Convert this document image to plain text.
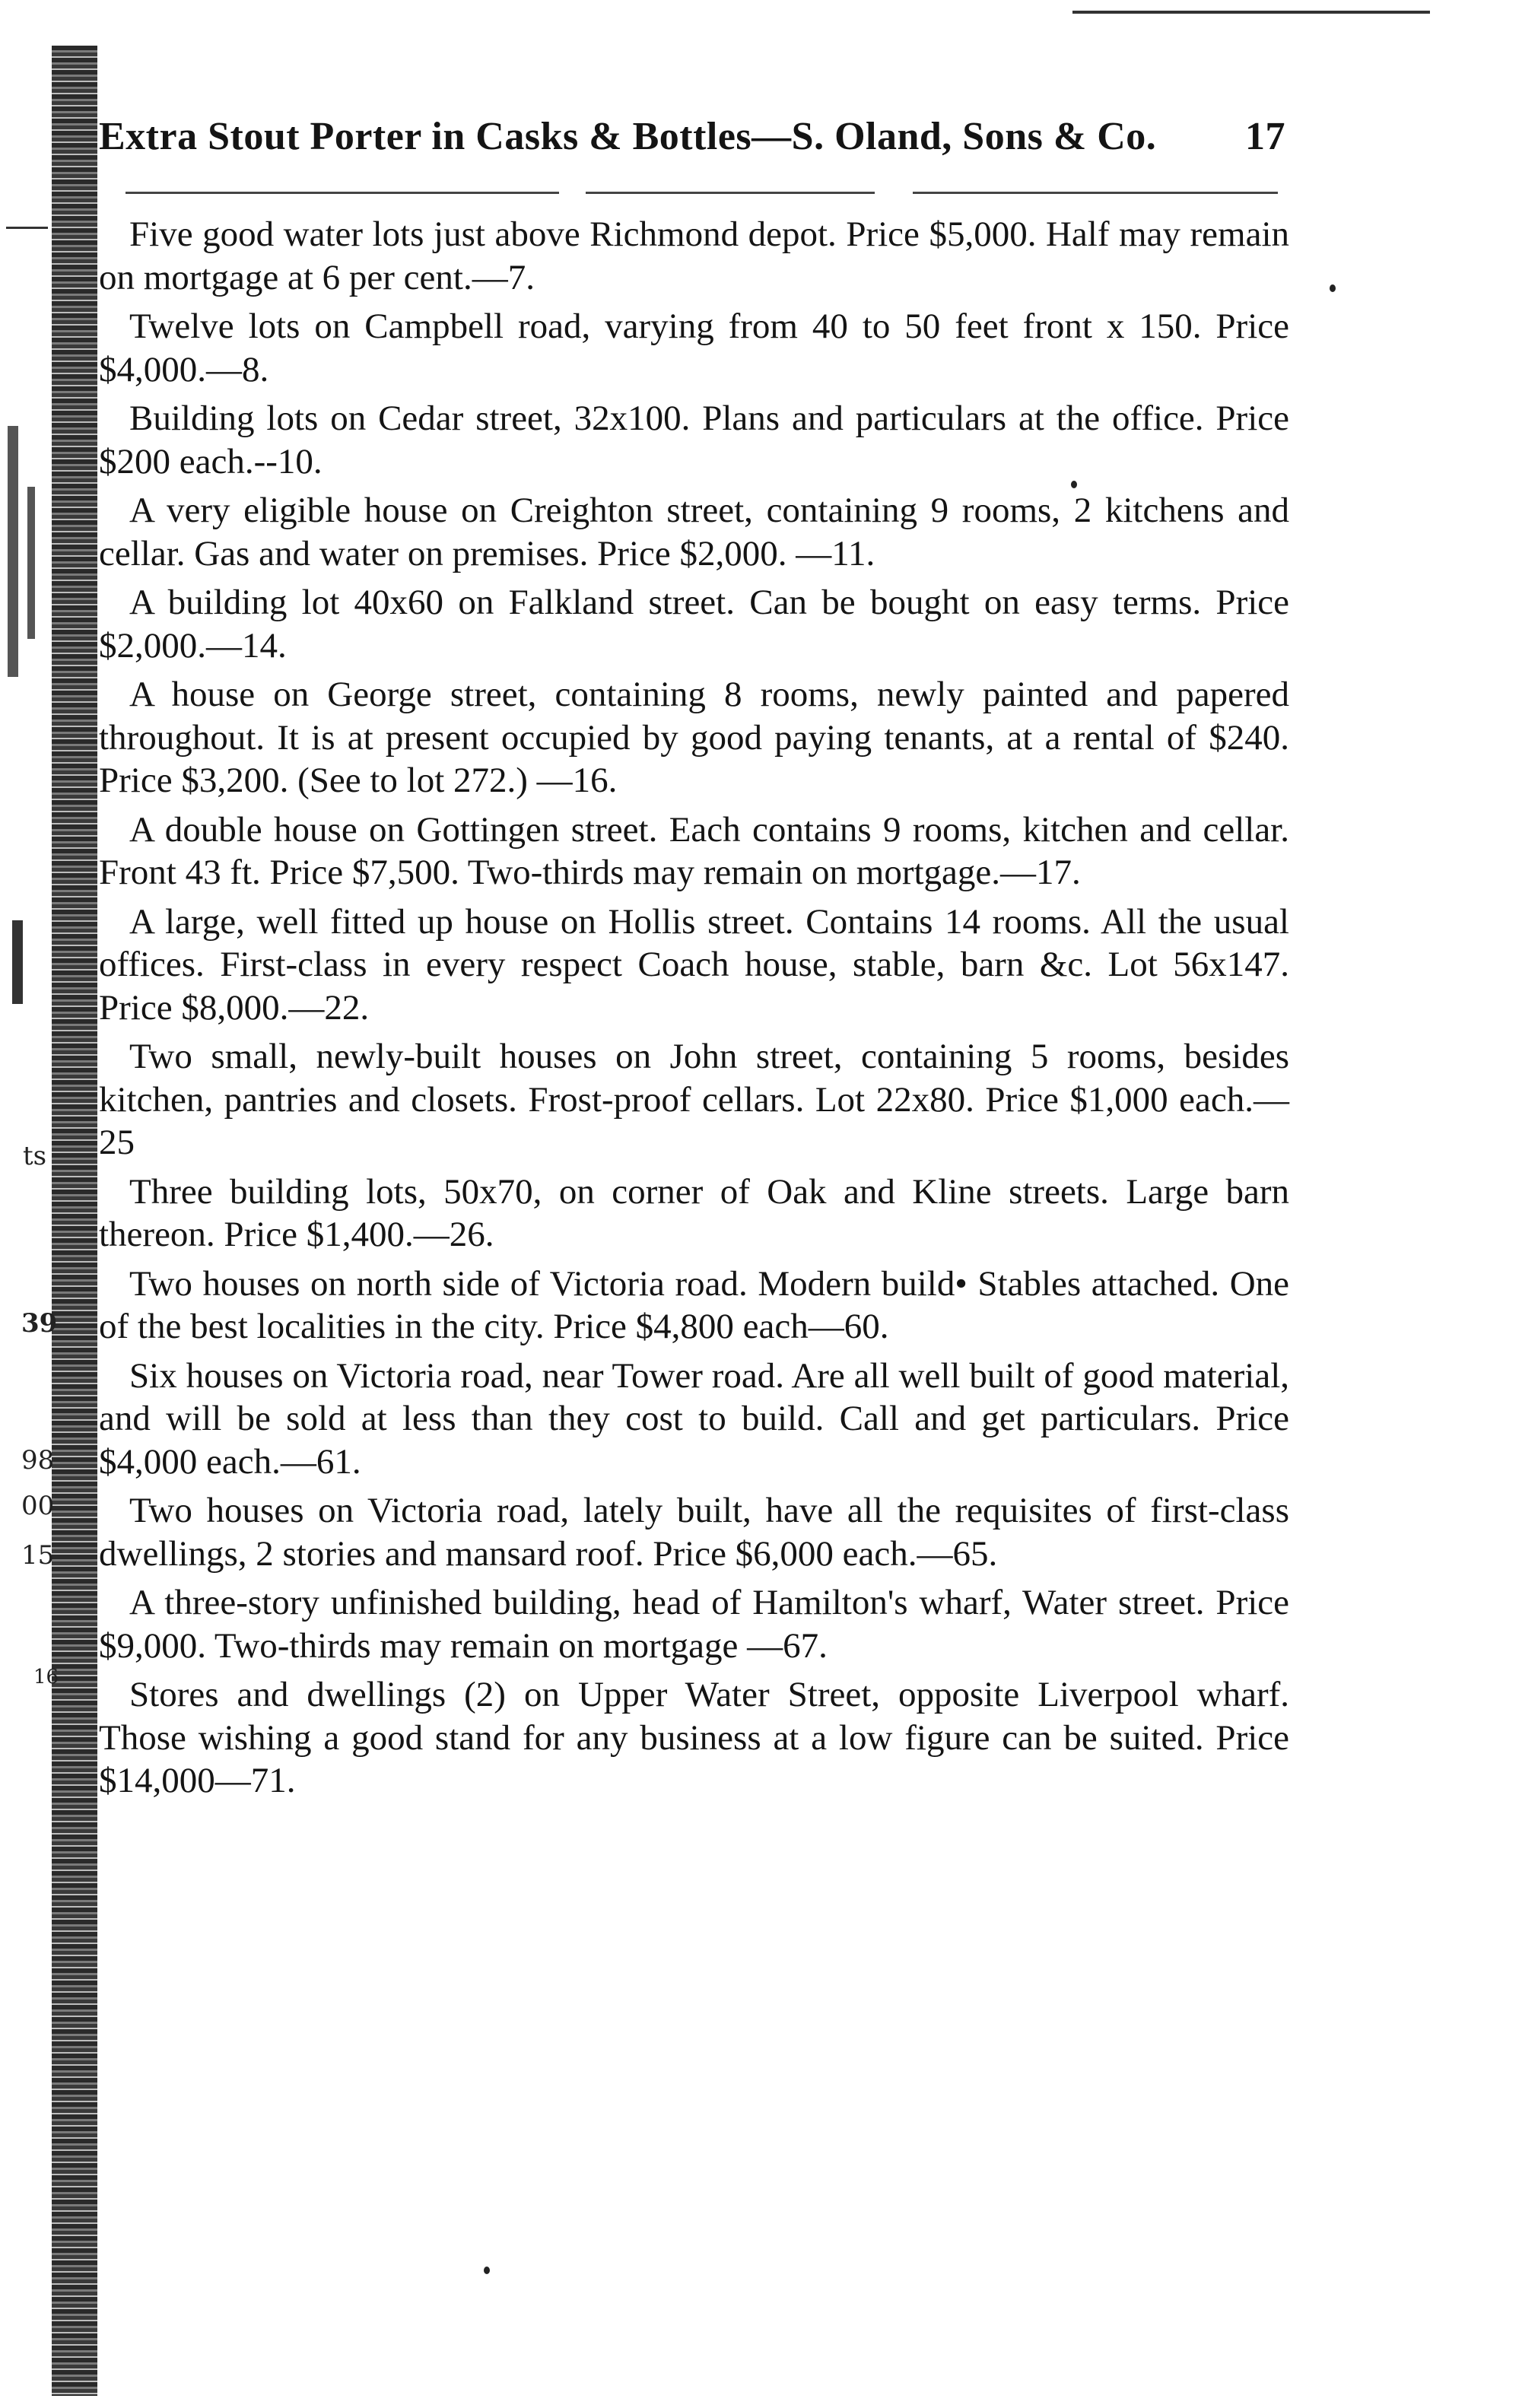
ts
39
98
00
15
16
Extra Stout Porter in Casks & Bottles—S. Oland, Sons & Co. 17

Five good water lots just above Richmond depot. Price $5,000. Half may remain on mortgage at 6 per cent.—7.

Twelve lots on Campbell road, varying from 40 to 50 feet front x 150. Price $4,000.—8.

Building lots on Cedar street, 32x100. Plans and particulars at the office. Price $200 each.--10.

A very eligible house on Creighton street, containing 9 rooms, 2 kitchens and cellar. Gas and water on premises. Price $2,000. —11.

A building lot 40x60 on Falkland street. Can be bought on easy terms. Price $2,000.—14.

A house on George street, containing 8 rooms, newly painted and papered throughout. It is at present occupied by good paying tenants, at a rental of $240. Price $3,200. (See to lot 272.) —16.

A double house on Gottingen street. Each contains 9 rooms, kitchen and cellar. Front 43 ft. Price $7,500. Two-thirds may remain on mortgage.—17.

A large, well fitted up house on Hollis street. Contains 14 rooms. All the usual offices. First-class in every respect Coach house, stable, barn &c. Lot 56x147. Price $8,000.—22.

Two small, newly-built houses on John street, containing 5 rooms, besides kitchen, pantries and closets. Frost-proof cellars. Lot 22x80. Price $1,000 each.—25

Three building lots, 50x70, on corner of Oak and Kline streets. Large barn thereon. Price $1,400.—26.

Two houses on north side of Victoria road. Modern build• Stables attached. One of the best localities in the city. Price $4,800 each—60.

Six houses on Victoria road, near Tower road. Are all well built of good material, and will be sold at less than they cost to build. Call and get particulars. Price $4,000 each.—61.

Two houses on Victoria road, lately built, have all the requisites of first-class dwellings, 2 stories and mansard roof. Price $6,000 each.—65.

A three-story unfinished building, head of Hamilton's wharf, Water street. Price $9,000. Two-thirds may remain on mortgage —67.

Stores and dwellings (2) on Upper Water Street, opposite Liverpool wharf. Those wishing a good stand for any business at a low figure can be suited. Price $14,000—71.
